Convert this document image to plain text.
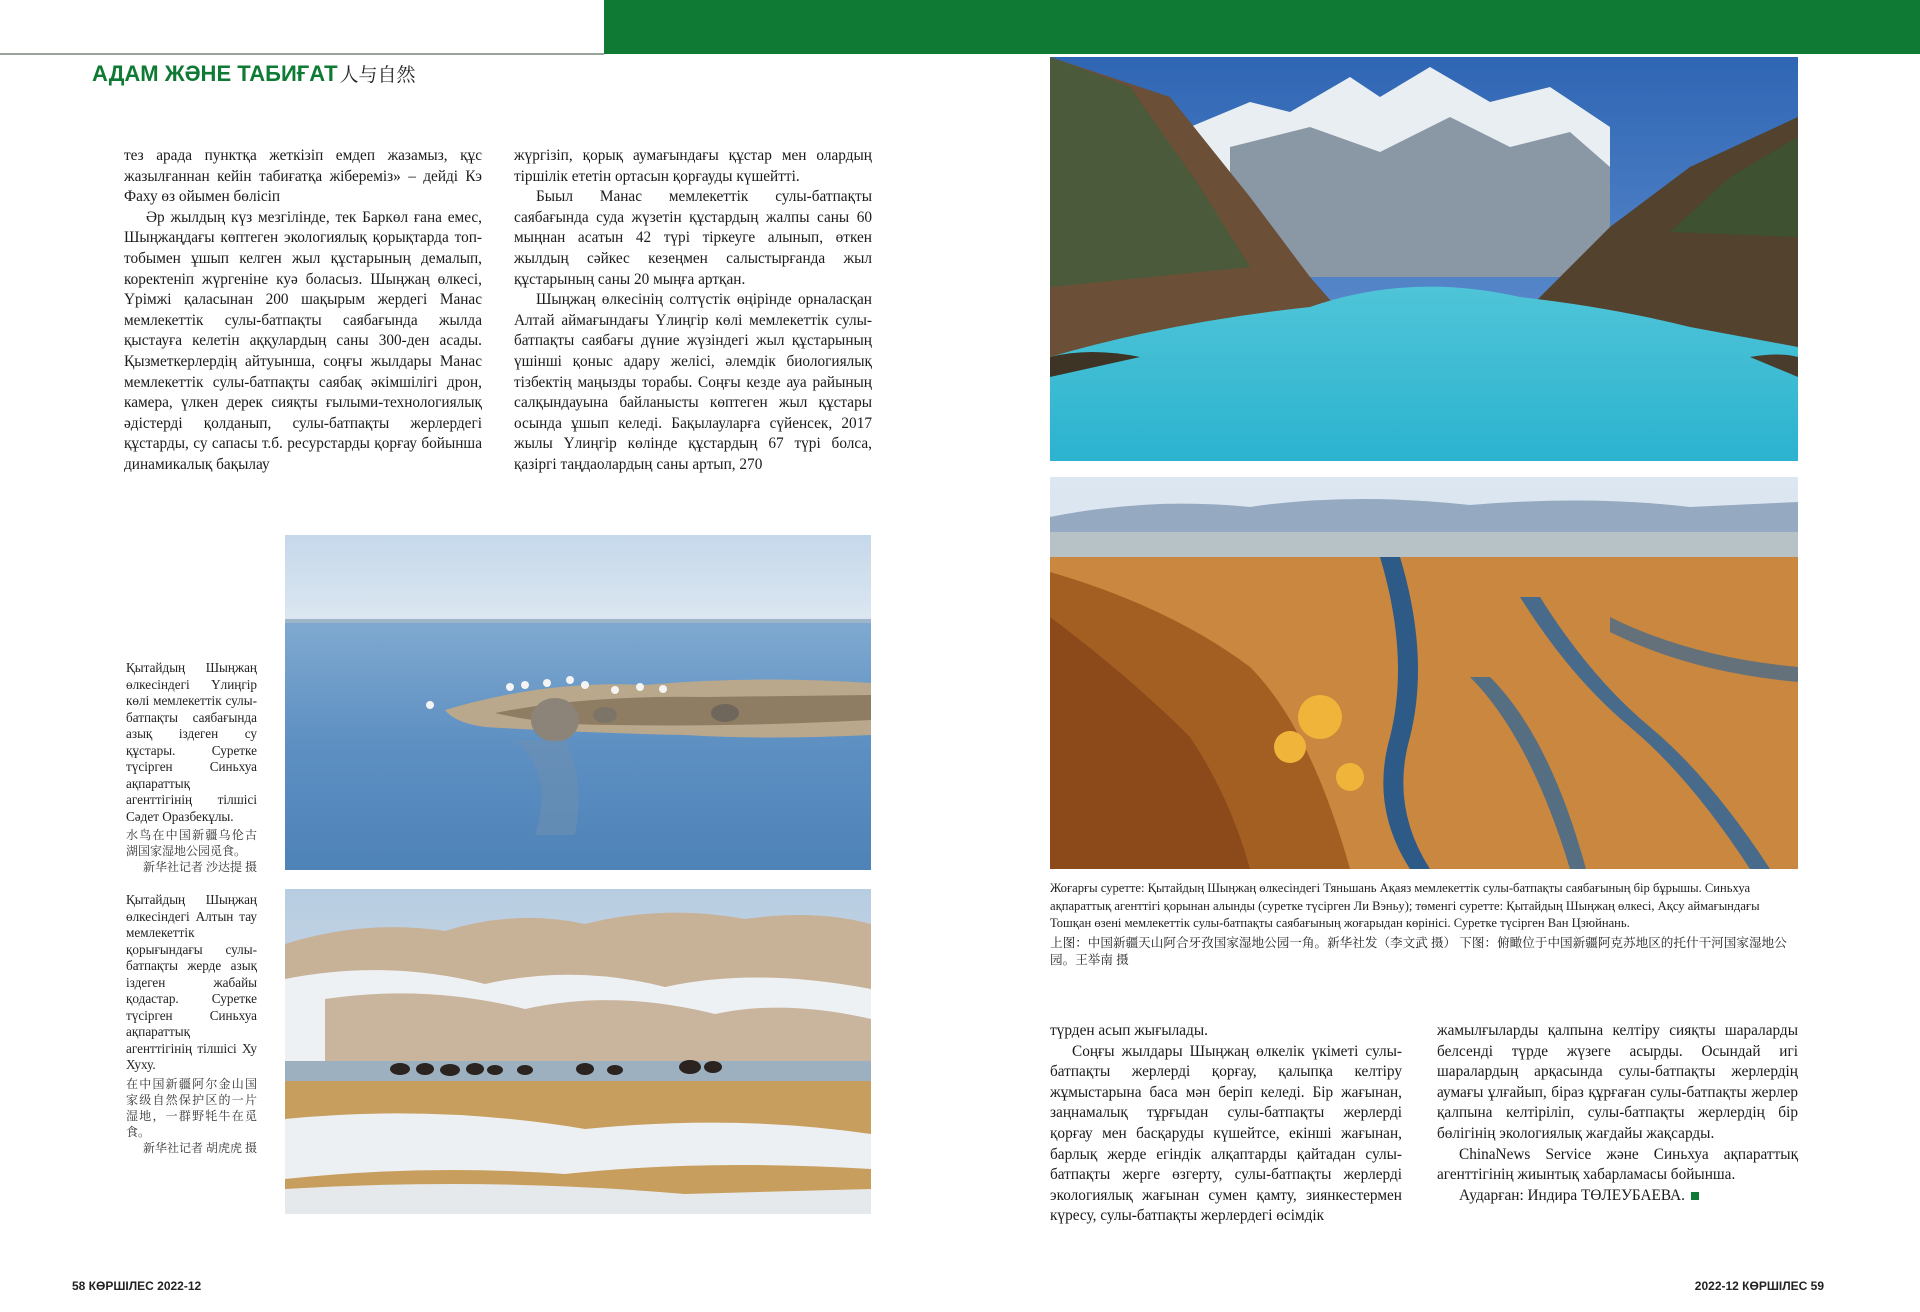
АДАМ ЖӘНЕ ТАБИҒАТ 人与自然

тез арада пунктқа жеткізіп емдеп жазамыз, құс жазылғаннан кейін табиғатқа жібереміз» – дейді Кэ Фаху өз ойымен бөлісіп

Әр жылдың күз мезгілінде, тек Баркөл ғана емес, Шыңжаңдағы көптеген экологиялық қорықтарда топ-тобымен ұшып келген жыл құстарының демалып, коректеніп жүргеніне куә боласыз. Шыңжаң өлкесі, Үрімжі қаласынан 200 шақырым жердегі Манас мемлекеттік сулы-батпақты саябағында жылда қыстауға келетін аққулардың саны 300-ден асады. Қызметкерлердің айтуынша, соңғы жылдары Манас мемлекеттік сулы-батпақты саябақ әкімшілігі дрон, камера, үлкен дерек сияқты ғылыми-технологиялық әдістерді қолданып, сулы-батпақты жерлердегі құстарды, су сапасы т.б. ресурстарды қорғау бойынша динамикалық бақылау

жүргізіп, қорық аумағындағы құстар мен олардың тіршілік ететін ортасын қорғауды күшейтті.

Быыл Манас мемлекеттік сулы-батпақты саябағында суда жүзетін құстардың жалпы саны 60 мыңнан асатын 42 түрі тіркеуге алынып, өткен жылдың сәйкес кезеңмен салыстырғанда жыл құстарының саны 20 мыңға артқан.

Шыңжаң өлкесінің солтүстік өңірінде орналасқан Алтай аймағындағы Үлиңгір көлі мемлекеттік сулы-батпақты саябағы дүние жүзіндегі жыл құстарының үшінші қоныс адару желісі, әлемдік биологиялық тізбектің маңызды торабы. Соңғы кезде ауа райының салқындауына байланысты көптеген жыл құстары осында ұшып келеді. Бақылауларға сүйенсек, 2017 жылы Үлиңгір көлінде құстардың 67 түрі болса, қазіргі таңдаолардың саны артып, 270

Қытайдың Шыңжаң өлкесіндегі Үлиңгір көлі мемлекеттік сулы-батпақты саябағында азық іздеген су құстары. Суретке түсірген Синьхуа ақпараттық агенттігінің тілшісі Сәдет Оразбекұлы.
水鸟在中国新疆乌伦古湖国家湿地公园觅食。
新华社记者 沙达提 摄
Қытайдың Шыңжаң өлкесіндегі Алтын тау мемлекеттік қорығындағы сулы-батпақты жерде азық іздеген жабайы қодастар. Суретке түсірген Синьхуа ақпараттық агенттігінің тілшісі Ху Хуху.
在中国新疆阿尔金山国家级自然保护区的一片湿地，一群野牦牛在觅食。
新华社记者 胡虎虎 摄
Жоғарғы суретте: Қытайдың Шыңжаң өлкесіндегі Тяньшань Ақаяз мемлекеттік сулы-батпақты саябағының бір бұрышы. Синьхуа ақпараттық агенттігі қорынан алынды (суретке түсірген Ли Вэньу); төменгі суретте: Қытайдың Шыңжаң өлкесі, Ақсу аймағындағы Тошқан өзені мемлекеттік сулы-батпақты саябағының жоғарыдан көрінісі. Суретке түсірген Ван Цзюйнань.
上图：中国新疆天山阿合牙孜国家湿地公园一角。新华社发（李文武 摄） 下图：俯瞰位于中国新疆阿克苏地区的托什干河国家湿地公园。王举南 摄

түрден асып жығылады.

Соңғы жылдары Шыңжаң өлкелік үкіметі сулы-батпақты жерлерді қорғау, қалыпқа келтіру жұмыстарына баса мән беріп келеді. Бір жағынан, заңнамалық тұрғыдан сулы-батпақты жерлерді қорғау мен басқаруды күшейтсе, екінші жағынан, барлық жерде егіндік алқаптарды қайтадан сулы-батпақты жерге өзгерту, сулы-батпақты жерлерді экологиялық жағынан сумен қамту, зиянкестермен күресу, сулы-батпақты жерлердегі өсімдік

жамылғыларды қалпына келтіру сияқты шараларды белсенді түрде жүзеге асырды. Осындай игі шаралардың арқасында сулы-батпақты жерлердің аумағы ұлғайып, біраз құрғаған сулы-батпақты жерлер қалпына келтіріліп, сулы-батпақты жерлердің бір бөлігінің экологиялық жағдайы жақсарды.

ChinaNews Service және Синьхуа ақпараттық агенттігінің жиынтық хабарламасы бойынша.

Аударған: Индира ТӨЛЕУБАЕВА.

58 КӨРШІЛЕС 2022-12	2022-12 КӨРШІЛЕС 59
